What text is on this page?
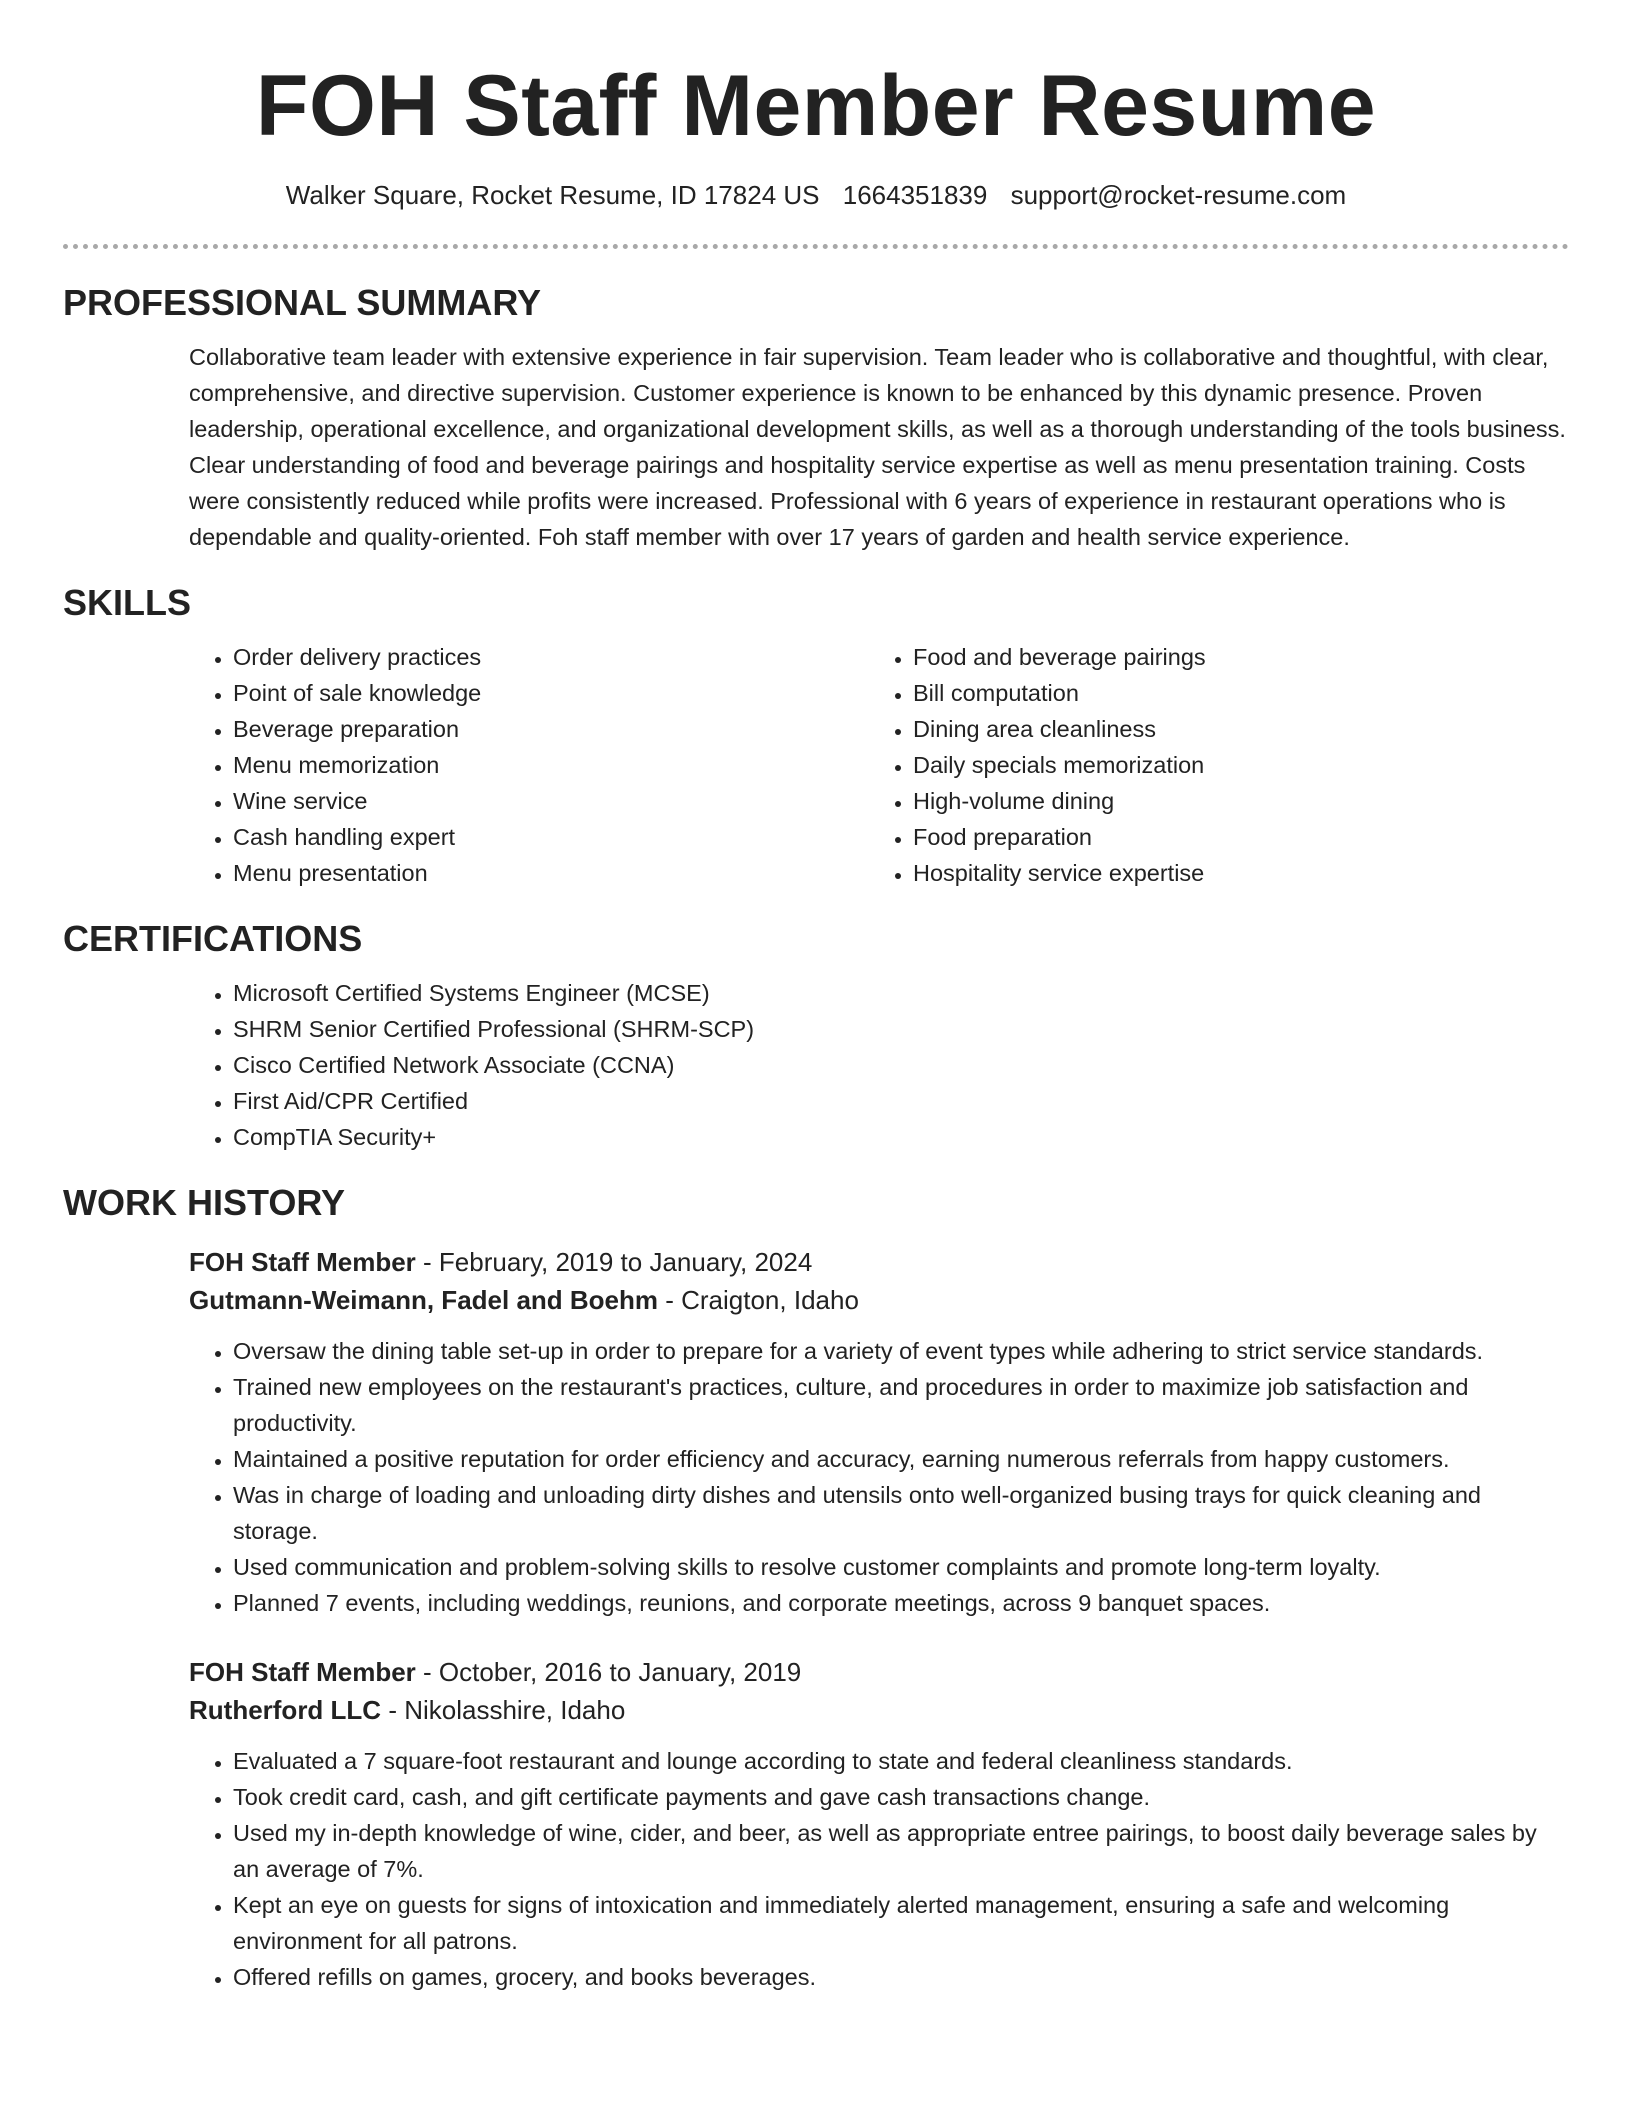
FOH Staff Member Resume
Walker Square, Rocket Resume, ID 17824 US 1664351839 support@rocket-resume.com
PROFESSIONAL SUMMARY

Collaborative team leader with extensive experience in fair supervision. Team leader who is collaborative and thoughtful, with clear, comprehensive, and directive supervision. Customer experience is known to be enhanced by this dynamic presence. Proven leadership, operational excellence, and organizational development skills, as well as a thorough understanding of the tools business. Clear understanding of food and beverage pairings and hospitality service expertise as well as menu presentation training. Costs were consistently reduced while profits were increased. Professional with 6 years of experience in restaurant operations who is dependable and quality-oriented. Foh staff member with over 17 years of garden and health service experience.

SKILLS
• Order delivery practices
• Point of sale knowledge
• Beverage preparation
• Menu memorization
• Wine service
• Cash handling expert
• Menu presentation
• Food and beverage pairings
• Bill computation
• Dining area cleanliness
• Daily specials memorization
• High-volume dining
• Food preparation
• Hospitality service expertise
CERTIFICATIONS
• Microsoft Certified Systems Engineer (MCSE)
• SHRM Senior Certified Professional (SHRM-SCP)
• Cisco Certified Network Associate (CCNA)
• First Aid/CPR Certified
• CompTIA Security+
WORK HISTORY
FOH Staff Member - February, 2019 to January, 2024
Gutmann-Weimann, Fadel and Boehm - Craigton, Idaho
• Oversaw the dining table set-up in order to prepare for a variety of event types while adhering to strict service standards.
• Trained new employees on the restaurant's practices, culture, and procedures in order to maximize job satisfaction and productivity.
• Maintained a positive reputation for order efficiency and accuracy, earning numerous referrals from happy customers.
• Was in charge of loading and unloading dirty dishes and utensils onto well-organized busing trays for quick cleaning and storage.
• Used communication and problem-solving skills to resolve customer complaints and promote long-term loyalty.
• Planned 7 events, including weddings, reunions, and corporate meetings, across 9 banquet spaces.
FOH Staff Member - October, 2016 to January, 2019
Rutherford LLC - Nikolasshire, Idaho
• Evaluated a 7 square-foot restaurant and lounge according to state and federal cleanliness standards.
• Took credit card, cash, and gift certificate payments and gave cash transactions change.
• Used my in-depth knowledge of wine, cider, and beer, as well as appropriate entree pairings, to boost daily beverage sales by an average of 7%.
• Kept an eye on guests for signs of intoxication and immediately alerted management, ensuring a safe and welcoming environment for all patrons.
• Offered refills on games, grocery, and books beverages.
